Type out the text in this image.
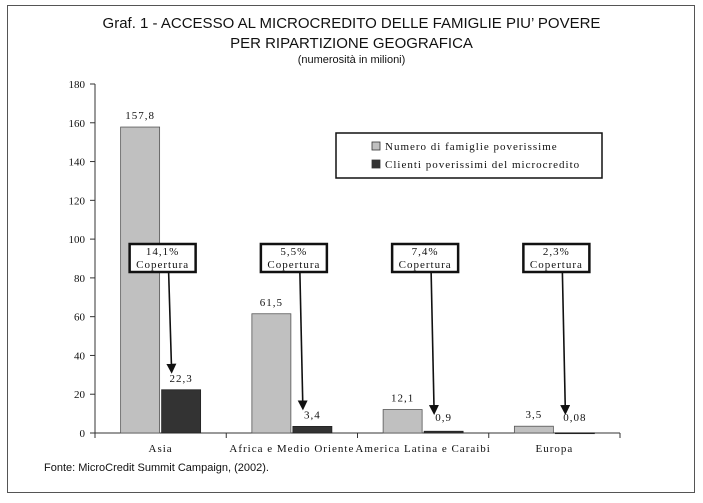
Graf. 1 - ACCESSO AL MICROCREDITO DELLE FAMIGLIE PIU’ POVERE
PER RIPARTIZIONE GEOGRAFICA
(numerosità in milioni)
0
20
40
60
80
100
120
140
160
180
Asia
157,8
22,3
14,1%
Copertura
Africa e Medio Oriente
61,5
3,4
5,5%
Copertura
America Latina e Caraibi
12,1
0,9
7,4%
Copertura
Europa
3,5 0,08
2,3%
Copertura
Numero di famiglie poverissime
Clienti poverissimi del microcredito
Fonte: MicroCredit Summit Campaign, (2002).
